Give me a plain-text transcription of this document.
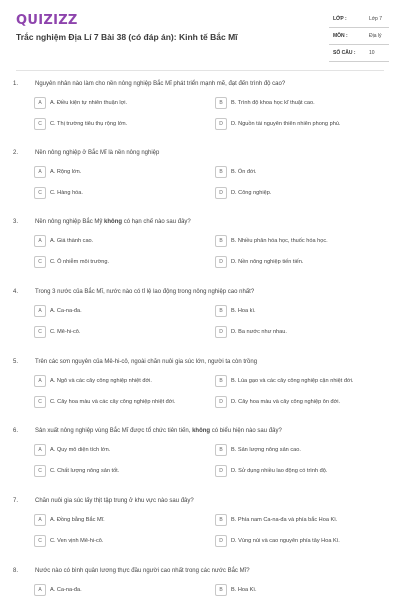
QUIZIZZ
Trắc nghiệm Địa Lí 7 Bài 38 (có đáp án): Kinh tế Bắc Mĩ
LỚP :	Lớp 7
MÔN :	Địa lý
SỐ CÂU :	10
1.	Nguyên nhân nào làm cho nền nông nghiệp Bắc Mĩ phát triển mạnh mẽ, đạt đến trình độ cao?
A	A. Điều kiện tự nhiên thuận lợi.	B	B. Trình độ khoa học kĩ thuật cao.
C	C. Thị trường tiêu thụ rộng lớn.	D	D. Nguồn tài nguyên thiên nhiên phong phú.
2.	Nền nông nghiệp ở Bắc Mĩ là nền nông nghiệp
A	A. Rộng lớn.	B	B. Ổn đới.
C	C. Hàng hóa.	D	D. Công nghiệp.
3.	Nền nông nghiệp Bắc Mỹ không có hạn chế nào sau đây?
A	A. Giá thành cao.	B	B. Nhiều phân hóa học, thuốc hóa học.
C	C. Ô nhiễm môi trường.	D	D. Nền nông nghiệp tiến tiến.
4.	Trong 3 nước của Bắc Mĩ, nước nào có tỉ lệ lao động trong nông nghiệp cao nhất?
A	A. Ca-na-đa.	B	B. Hoa kì.
C	C. Mê-hi-cô.	D	D. Ba nước như nhau.
5.	Trên các sơn nguyên của Mê-hi-cô, ngoài chăn nuôi gia súc lớn, người ta còn trồng
A	A. Ngô và các cây công nghiệp nhiệt đới.	B	B. Lúa gạo và các cây công nghiệp cận nhiệt đới.
C	C. Cây hoa màu và các cây công nghiệp nhiệt đới.	D	D. Cây hoa màu và cây công nghiệp ôn đới.
6.	Sản xuất nông nghiệp vùng Bắc Mĩ được tổ chức tiên tiến, không có biểu hiện nào sau đây?
A	A. Quy mô diện tích lớn.	B	B. Sản lượng nông sản cao.
C	C. Chất lượng nông sản tốt.	D	D. Sử dụng nhiều lao động có trình độ.
7.	Chăn nuôi gia súc lấy thịt tập trung ở khu vực nào sau đây?
A	A. Đồng bằng Bắc Mĩ.	B	B. Phía nam Ca-na-đa và phía bắc Hoa Kì.
C	C. Ven vịnh Mê-hi-cô.	D	D. Vùng núi và cao nguyên phía tây Hoa Kì.
8.	Nước nào có bình quân lương thực đầu người cao nhất trong các nước Bắc Mĩ?
A	A. Ca-na-đa.	B	B. Hoa Kì.
